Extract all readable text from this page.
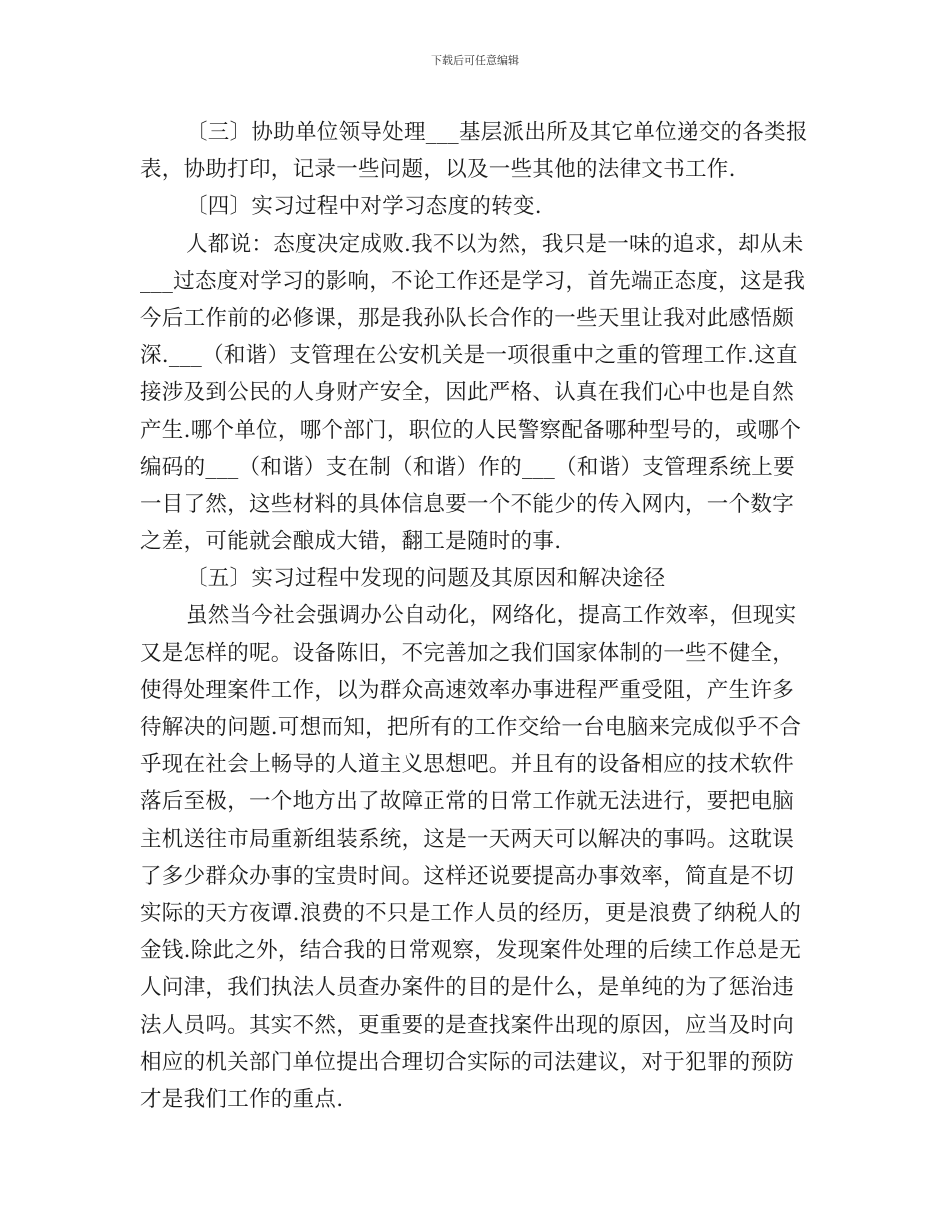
下载后可任意编辑
〔三〕协助单位领导处理___基层派出所及其它单位递交的各类报
表，协助打印，记录一些问题，以及一些其他的法律文书工作.
〔四〕实习过程中对学习态度的转变.
人都说：态度决定成败.我不以为然，我只是一味的追求，却从未
___过态度对学习的影响，不论工作还是学习，首先端正态度，这是我
今后工作前的必修课，那是我孙队长合作的一些天里让我对此感悟颇
深.___（和谐）支管理在公安机关是一项很重中之重的管理工作.这直
接涉及到公民的人身财产安全，因此严格、认真在我们心中也是自然
产生.哪个单位，哪个部门，职位的人民警察配备哪种型号的，或哪个
编码的___（和谐）支在制（和谐）作的___（和谐）支管理系统上要
一目了然，这些材料的具体信息要一个不能少的传入网内，一个数字
之差，可能就会酿成大错，翻工是随时的事.
〔五〕实习过程中发现的问题及其原因和解决途径
虽然当今社会强调办公自动化，网络化，提高工作效率，但现实
又是怎样的呢。设备陈旧，不完善加之我们国家体制的一些不健全，
使得处理案件工作，以为群众高速效率办事进程严重受阻，产生许多
待解决的问题.可想而知，把所有的工作交给一台电脑来完成似乎不合
乎现在社会上畅导的人道主义思想吧。并且有的设备相应的技术软件
落后至极，一个地方出了故障正常的日常工作就无法进行，要把电脑
主机送往市局重新组装系统，这是一天两天可以解决的事吗。这耽误
了多少群众办事的宝贵时间。这样还说要提高办事效率，简直是不切
实际的天方夜谭.浪费的不只是工作人员的经历，更是浪费了纳税人的
金钱.除此之外，结合我的日常观察，发现案件处理的后续工作总是无
人问津，我们执法人员查办案件的目的是什么，是单纯的为了惩治违
法人员吗。其实不然，更重要的是查找案件出现的原因，应当及时向
相应的机关部门单位提出合理切合实际的司法建议，对于犯罪的预防
才是我们工作的重点.
